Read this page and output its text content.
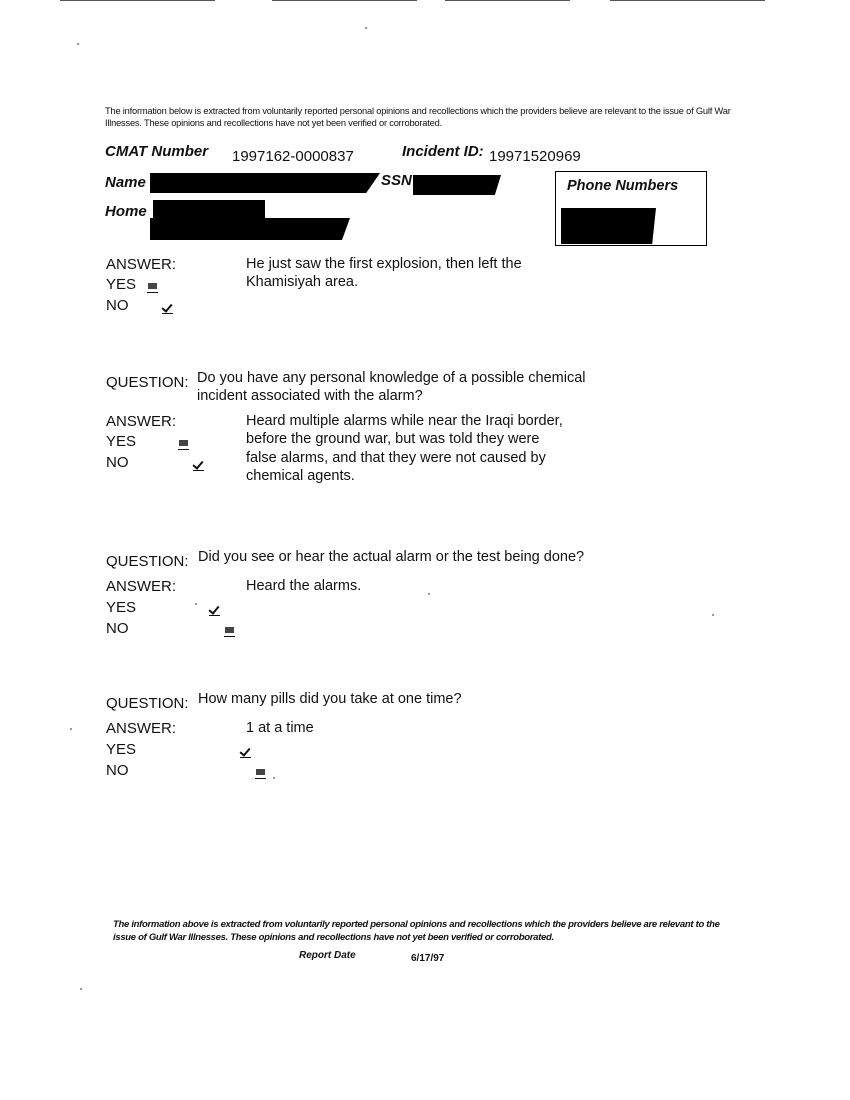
The information below is extracted from voluntarily reported personal opinions and recollections which the providers believe are relevant to the issue of Gulf War Illnesses. These opinions and recollections have not yet been verified or corroborated.
CMAT Number 1997162-0000837	Incident ID: 19971520969
Name	SSN
Home
Phone Numbers
ANSWER:	He just saw the first explosion, then left the
Khamisiyah area.
YES

NO

QUESTION: Do you have any personal knowledge of a possible chemical
incident associated with the alarm?
ANSWER:	Heard multiple alarms while near the Iraqi border,
before the ground war, but was told they were
false alarms, and that they were not caused by
chemical agents.
YES

NO

QUESTION: Did you see or hear the actual alarm or the test being done?
ANSWER:	Heard the alarms.
YES

NO

QUESTION: How many pills did you take at one time?
ANSWER:	1 at a time
YES

NO
The information above is extracted from voluntarily reported personal opinions and recollections which the providers believe are relevant to the issue of Gulf War Illnesses. These opinions and recollections have not yet been verified or corroborated.
Report Date	6/17/97
